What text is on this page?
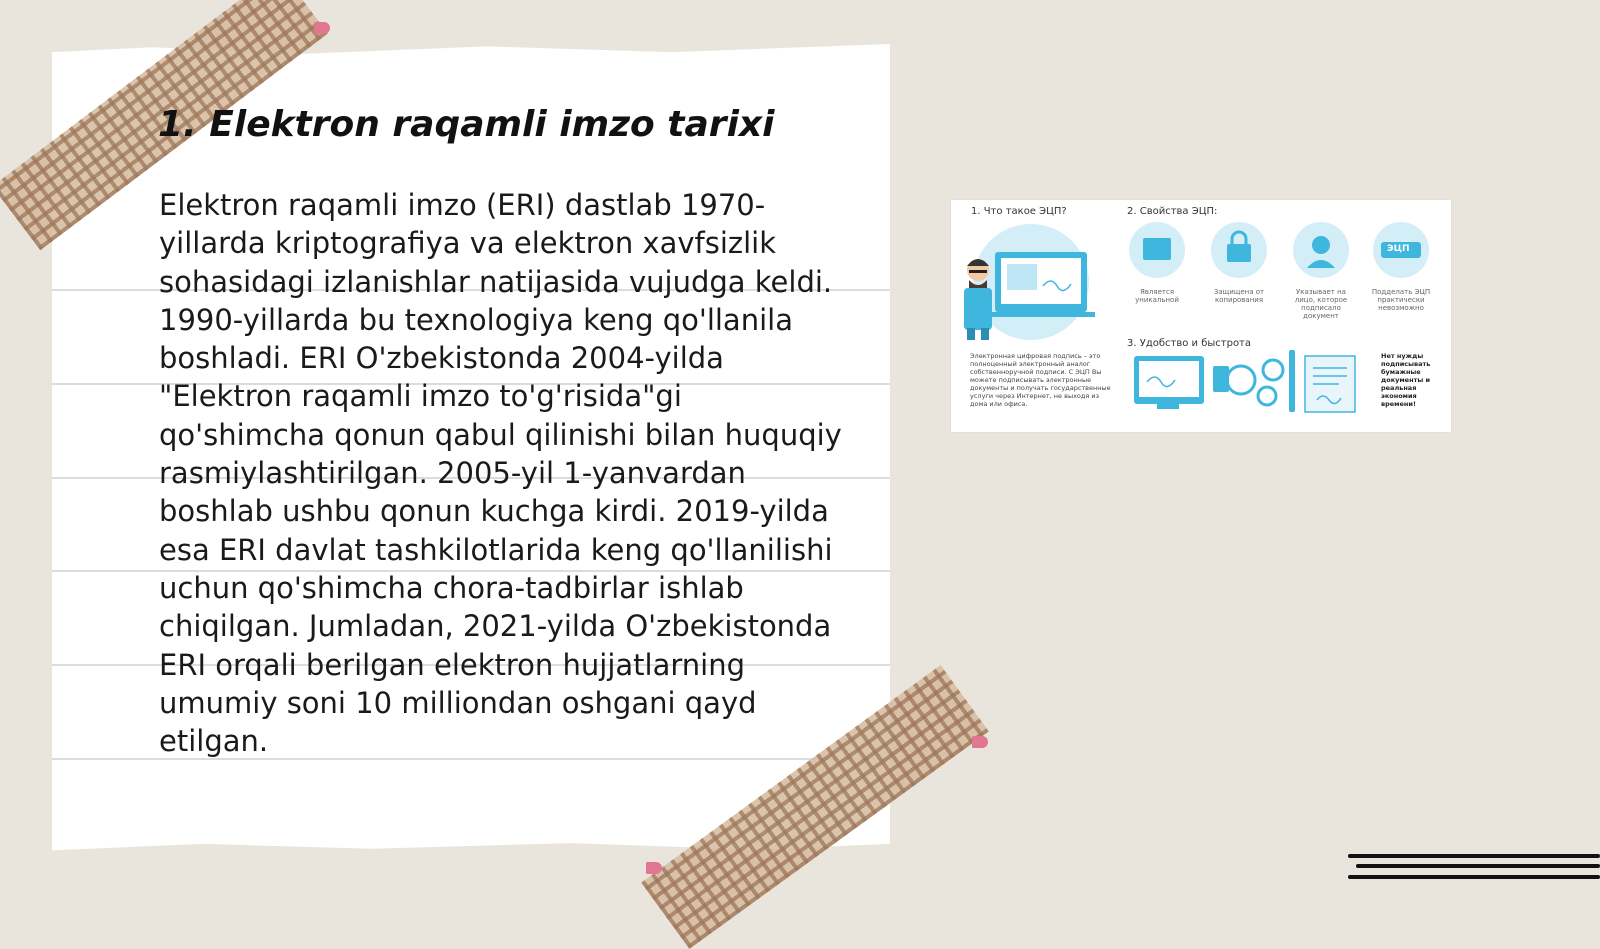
1. Elektron raqamli imzo tarixi

Elektron raqamli imzo (ERI) dastlab 1970-yillarda kriptografiya va elektron xavfsizlik sohasidagi izlanishlar natijasida vujudga keldi. 1990-yillarda bu texnologiya keng qo'llanila boshladi. ERI O'zbekistonda 2004-yilda "Elektron raqamli imzo to'g'risida"gi qo'shimcha qonun qabul qilinishi bilan huquqiy rasmiylashtirilgan. 2005-yil 1-yanvardan boshlab ushbu qonun kuchga kirdi. 2019-yilda esa ERI davlat tashkilotlarida keng qo'llanilishi uchun qo'shimcha chora-tadbirlar ishlab chiqilgan. Jumladan, 2021-yilda O'zbekistonda ERI orqali berilgan elektron hujjatlarning umumiy soni 10 milliondan oshgani qayd etilgan.

1. Что такое ЭЦП?	2. Свойства ЭЦП:
3. Удобство и быстрота
ЭЦП
Является уникальной
Защищена от копирования
Указывает на лицо, которое подписало документ
Подделать ЭЦП практически невозможно
Электронная цифровая подпись – это полноценный электронный аналог собственноручной подписи. С ЭЦП Вы можете подписывать электронные документы и получать государственные услуги через Интернет, не выходя из дома или офиса.
Нет нужды подписывать бумажные документы и реальная экономия времени!
